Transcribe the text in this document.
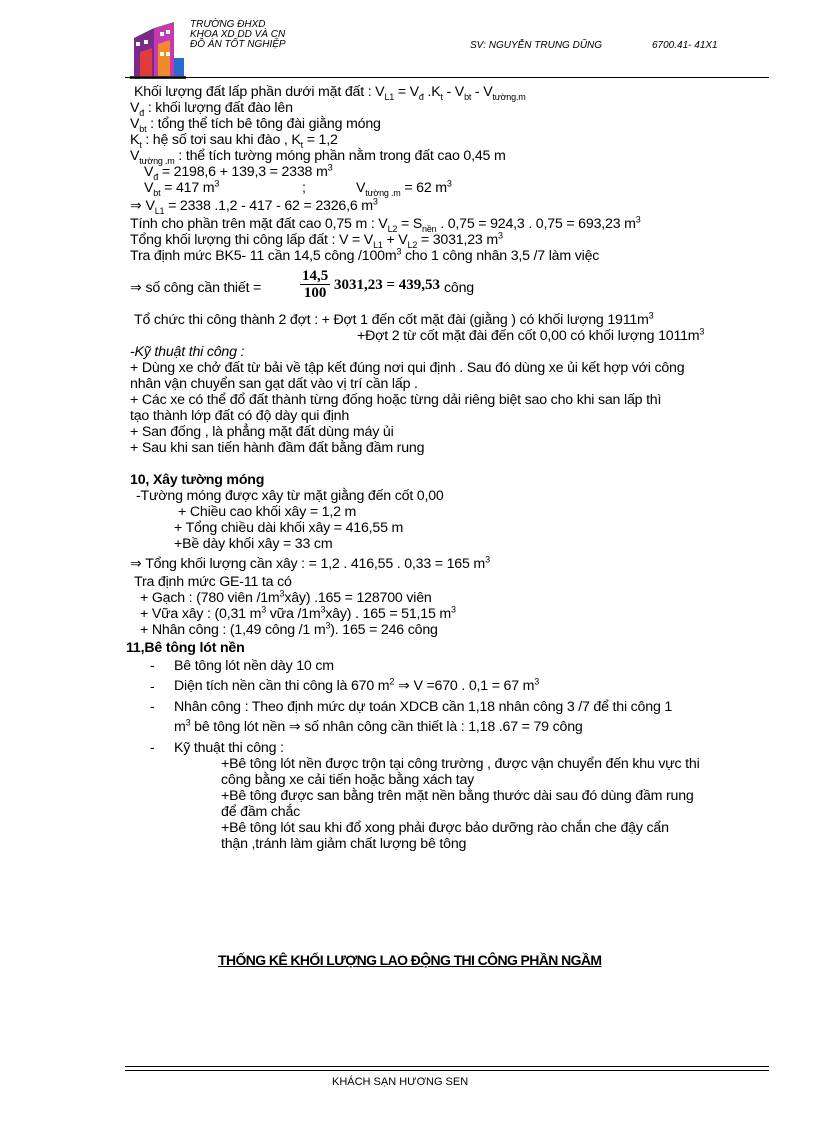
TRƯỜNG ĐHXD
KHOA XD DD VÀ CN
ĐỒ ÁN TỐT NGHIỆP	SV: NGUYỄN TRUNG DŨNG	6700.41- 41X1
Khối lượng đất lấp phần dưới mặt đất : $V_{L1} = V_đ$ $.K_t - V_{bt} - V_{tường.m}$
$V_đ$ : khối lượng đất đào lên
$V_{bt}$ : tổng thể tích bê tông đài giằng móng
$K_t$ : hệ số tơi sau khi đào , $K_t = 1,2$
$V_{tường .m}$ : thể tích tường móng phần nằm trong đất cao 0,45 m
$V_đ = 2198,6 + 139,3 = 2338$ $m^3$
$V_{bt} = 417$ $m^3$	;	$V_{tường .m} = 62$ $m^3$
⇒ $V_{L1} = 2338$ .1,2 - 417 - 62 = 2326,6 $m^3$
Tính cho phần trên mặt đất cao 0,75 m : $V_{L2} = S_{nền}$ . 0,75 = 924,3 . 0,75 = 693,23 $m^3$
Tổng khối lượng thi công lấp đất : $V = V_{L1} + V_{L2} = 3031,23$ $m^3$
Tra định mức BK5- 11 cần 14,5 công $/100m^3$ cho 1 công nhân 3,5 /7 làm việc
⇒ số công cần thiết =	$\frac{14,5}{100} 3031,23 = 439,53$ công
Tổ chức thi công thành 2 đợt : + Đợt 1 đến cốt mặt đài (giằng ) có khối lượng $1911m^3$
+Đợt 2 từ cốt mặt đài đến cốt 0,00 có khối lượng $1011m^3$
-Kỹ thuật thi công :
+ Dùng xe chở đất từ bải về tập kết đúng nơi qui định . Sau đó dùng xe ủi kết hợp với công
nhân vận chuyển san gạt dất vào vị trí cần lấp .
+ Các xe có thể đổ đất thành từng đống hoặc từng dải riêng biệt sao cho khi san lấp thì
tạo thành lớp đất có độ dày qui định
+ San đống , là phẳng mặt đất dùng máy ủi
+ Sau khi san tiến hành đầm đất bằng đầm rung
10, Xây tường móng
-Tường móng được xây từ mặt giằng đến cốt 0,00
+ Chiều cao khối xây = 1,2 m
+ Tổng chiều dài khối xây = 416,55 m
+Bề dày khối xây = 33 cm
⇒ Tổng khối lượng cần xây : = 1,2 . 416,55 . 0,33 = 165 $m^3$
Tra định mức GE-11 ta có
+ Gạch : (780 viên $/1m^3xây$) .165 = 128700 viên
+ Vữa xây : (0,31 $m^3$ vữa $/1m^3xây$) . 165 = 51,15 $m^3$
+ Nhân công : (1,49 công /1 $m^3$). 165 = 246 công
11,Bê tông lót nền
- Bê tông lót nền dày 10 cm
- Diện tích nền cần thi công là 670 $m^2$ ⇒ V =670 . 0,1 = 67 $m^3$
- Nhân công : Theo định mức dự toán XDCB cần 1,18 nhân công 3 /7 để thi công 1
$m^3$ bê tông lót nền ⇒ số nhân công cần thiết là : 1,18 .67 = 79 công
- Kỹ thuật thi công :
+Bê tông lót nền được trộn tại công trường , được vận chuyển đến khu vực thi
công bằng xe cải tiến hoặc bằng xách tay
+Bê tông được san bằng trên mặt nền bằng thước dài sau đó dùng đầm rung
để đầm chắc
+Bê tông lót sau khi đổ xong phải được bảo dưỡng rào chắn che đậy cẩn
thận ,tránh làm giảm chất lượng bê tông
THỐNG KÊ KHỐI LƯỢNG LAO ĐỘNG THI CÔNG PHẦN NGẦM
KHÁCH SẠN HƯƠNG SEN
